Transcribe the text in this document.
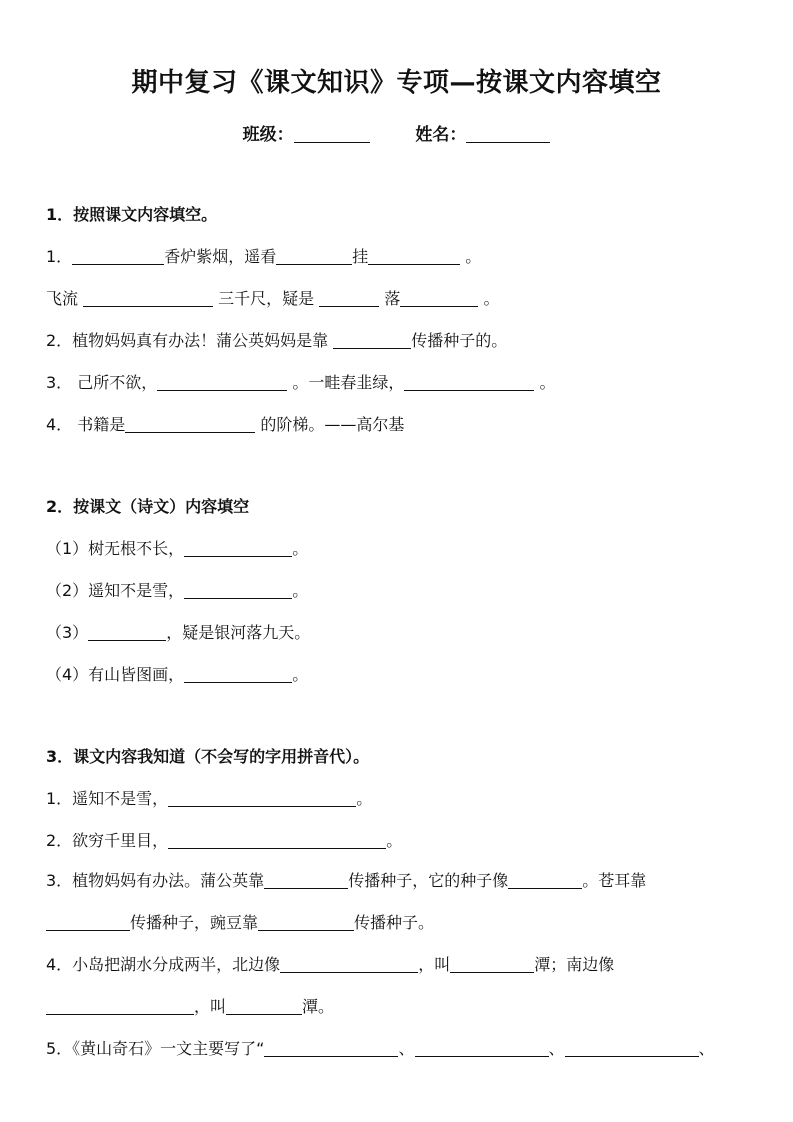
期中复习《课文知识》专项—按课文内容填空
班级：	姓名：
1．按照课文内容填空。
1．	香炉紫烟，遥看	挂	。
飞流	三千尺，疑是	落	。
2．植物妈妈真有办法！蒲公英妈妈是靠	传播种子的。
3． 己所不欲，	。一畦春韭绿，	。
4． 书籍是	的阶梯。——高尔基
2．按课文（诗文）内容填空
（1）树无根不长，	。
（2）遥知不是雪，	。
（3）	，疑是银河落九天。
（4）有山皆图画，	。
3．课文内容我知道（不会写的字用拼音代）。
1．遥知不是雪，	。
2．欲穷千里目，	。
3．植物妈妈有办法。蒲公英靠	传播种子，它的种子像	。苍耳靠
传播种子，豌豆靠	传播种子。
4．小岛把湖水分成两半，北边像	，叫	潭；南边像
，叫	潭。
5．《黄山奇石》一文主要写了“	、	、	、
